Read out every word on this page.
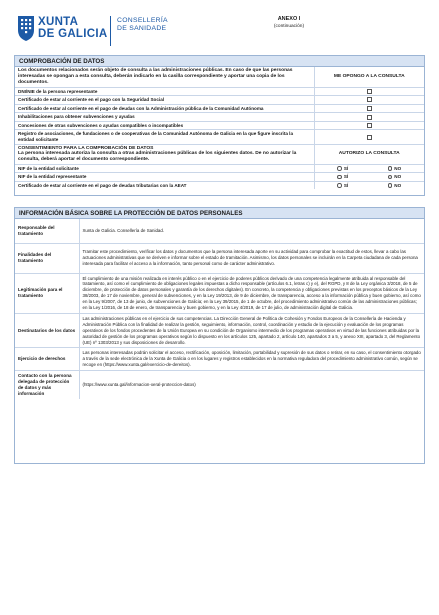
XUNTA
DE GALICIA
CONSELLERÍA
DE SANIDADE
ANEXO I
(continuación)
COMPROBACIÓN DE DATOS
Los documentos relacionados serán objeto de consulta a las administraciones públicas. En caso de que las personas interesadas se opongan a esta consulta, deberán indicarlo en la casilla correspondiente y aportar una copia de los documentos.	ME OPONGO A LA CONSULTA
DNI/NIE de la persona representante	
Certificado de estar al corriente en el pago con la Seguridad Social	
Certificado de estar al corriente en el pago de deudas con la Administración pública de la Comunidad Autónoma	
Inhabilitaciones para obtener subvenciones y ayudas	
Concesiones de otras subvenciones o ayudas compatibles o incompatibles	
Registro de asociaciones, de fundaciones o de cooperativas de la Comunidad Autónoma de Galicia en la que figure inscrita la entidad solicitante	

CONSENTIMIENTO PARA LA COMPROBACIÓN DE DATOS
La persona interesada autoriza la consulta a otras administraciones públicas de los siguientes datos. De no autorizar la consulta, deberá aportar el documento correspondiente.	AUTORIZO LA CONSULTA
NIF de la entidad solicitante	SÍ NO

NIF de la entidad representante	SÍ NO

Certificado de estar al corriente en el pago de deudas tributarias con la AEAT	SÍ NO
INFORMACIÓN BÁSICA SOBRE LA PROTECCIÓN DE DATOS PERSONALES
Responsable del tratamiento	Xunta de Galicia. Consellería de Sanidad.
Finalidades del tratamiento	Tramitar este procedimiento, verificar los datos y documentos que la persona interesada aporte en su actividad para comprobar la exactitud de estos, llevar a cabo las actuaciones administrativas que se deriven e informar sobre el estado de tramitación. Asimismo, los datos personales se incluirán en la Carpeta ciudadana de cada persona interesada para facilitar el acceso a la información, tanto personal como de carácter administrativo.
Legitimación para el tratamiento	El cumplimiento de una misión realizada en interés público o en el ejercicio de poderes públicos derivado de una competencia legalmente atribuida al responsable del tratamiento, así como el cumplimiento de obligaciones legales impuestas a dicho responsable (artículos 6.1, letras c) y e), del RGPD, y 8 de la Ley orgánica 3/2018, de 5 de diciembre, de protección de datos personales y garantía de los derechos digitales). En concreto, la competencia y obligaciones previstas en los preceptos básicos de la Ley 38/2003, de 17 de noviembre, general de subvenciones, y en la Ley 19/2013, de 9 de diciembre, de transparencia, acceso a la información pública y buen gobierno, así como en la Ley 9/2007, de 13 de junio, de subvenciones de Galicia; en la Ley 39/2015, de 1 de octubre, del procedimiento administrativo común de las administraciones públicas; en la Ley 1/2016, de 18 de enero, de transparencia y buen gobierno, y en la Ley 4/2019, de 17 de julio, de administración digital de Galicia.
Destinatarios de los datos	Las administraciones públicas en el ejercicio de sus competencias. La Dirección General de Política de Cohesión y Fondos Europeos de la Consellería de Hacienda y Administración Pública con la finalidad de realizar la gestión, seguimiento, información, control, coordinación y estudio de la ejecución y evaluación de los programas operativos de los fondos procedentes de la Unión Europea en su condición de Organismo intermedio de los programas operativos en virtud de las funciones atribuidas por la autoridad de gestión de los programas operativos según lo dispuesto en los artículos 125, apartado 2, artículo 140, apartados 3 a 5, y anexo XIII, apartado 3, del Reglamento (UE) nº 1303/2013 y sus disposiciones de desarrollo.
Ejercicio de derechos	Las personas interesadas podrán solicitar el acceso, rectificación, oposición, limitación, portabilidad y supresión de sus datos o retirar, en su caso, el consentimiento otorgado a través de la sede electrónica de la Xunta de Galicia o en los lugares y registros establecidos en la normativa reguladora del procedimiento administrativo común, según se recoge en (https://www.xunta.gal/exercicio-de-dereitos).
Contacto con la persona delegada de protección de datos y más información	(https://www.xunta.gal/informacion-xeral-proteccion-datos)
